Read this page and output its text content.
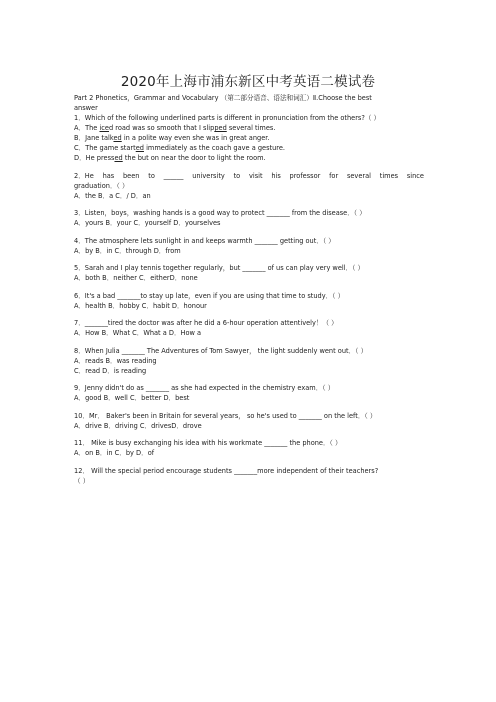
2020年上海市浦东新区中考英语二模试卷
Part 2 Phonetics，Grammar and Vocabulary （第二部分语音、语法和词汇）Ⅱ.Choose the best
answer
1．Which of the following underlined parts is different in pronunciation from the others?（ ）
A．The iced road was so smooth that I slipped several times.
B．Jane talked in a polite way even she was in great anger.
C．The game started immediately as the coach gave a gesture.
D．He pressed the but on near the door to light the room.
2．He has been to ______ university to visit his professor for several times since
graduation．（ ）
A．the B．a C．/ D．an
3．Listen，boys，washing hands is a good way to protect _______ from the disease．（ ）
A．yours B．your C．yourself D．yourselves
4．The atmosphere lets sunlight in and keeps warmth _______ getting out．（ ）
A．by B．in C．through D．from
5．Sarah and I play tennis together regularly，but _______ of us can play very well．（ ）
A．both B．neither C．eitherD．none
6．It's a bad _______to stay up late，even if you are using that time to study．（ ）
A．health B．hobby C．habit D．honour
7．_______tired the doctor was after he did a 6-hour operation attentively！（ ）
A．How B．What C．What a D．How a
8．When Julia _______ The Adventures of Tom Sawyer， the light suddenly went out．（ ）
A．reads B．was reading
C．read D．is reading
9．Jenny didn't do as _______ as she had expected in the chemistry exam．（ ）
A．good B．well C．better D．best
10．Mr． Baker's been in Britain for several years， so he's used to _______ on the left．（ ）
A．drive B．driving C．drivesD．drove
11． Mike is busy exchanging his idea with his workmate _______ the phone．（ ）
A．on B．in C．by D．of
12． Will the special period encourage students _______more independent of their teachers?
（ ）
